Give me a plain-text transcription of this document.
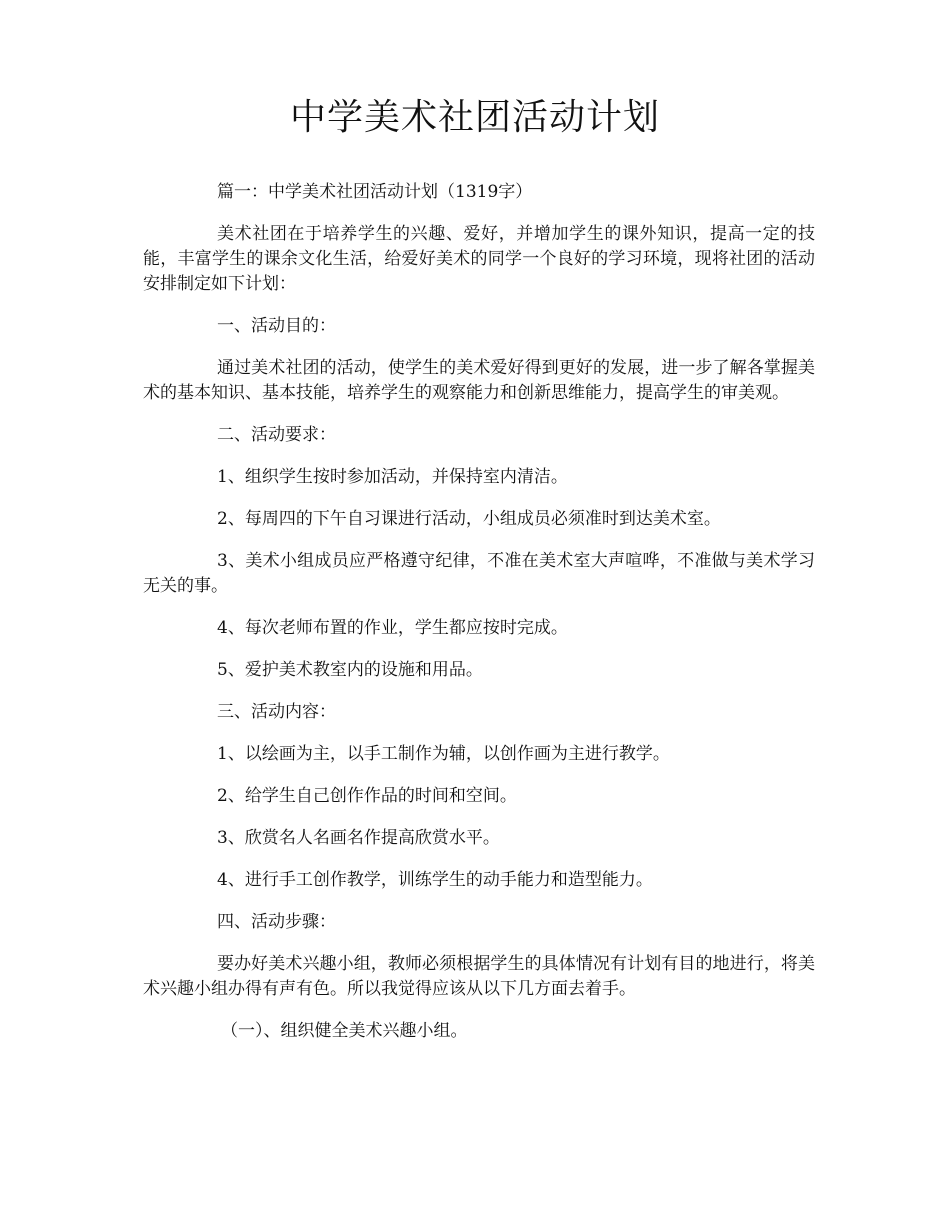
中学美术社团活动计划

篇一：中学美术社团活动计划（1319字）

美术社团在于培养学生的兴趣、爱好，并增加学生的课外知识，提高一定的技能，丰富学生的课余文化生活，给爱好美术的同学一个良好的学习环境，现将社团的活动安排制定如下计划：

一、活动目的：

通过美术社团的活动，使学生的美术爱好得到更好的发展，进一步了解各掌握美术的基本知识、基本技能，培养学生的观察能力和创新思维能力，提高学生的审美观。

二、活动要求：

1、组织学生按时参加活动，并保持室内清洁。

2、每周四的下午自习课进行活动，小组成员必须准时到达美术室。

3、美术小组成员应严格遵守纪律，不准在美术室大声喧哗，不准做与美术学习无关的事。

4、每次老师布置的作业，学生都应按时完成。

5、爱护美术教室内的设施和用品。

三、活动内容：

1、以绘画为主，以手工制作为辅，以创作画为主进行教学。

2、给学生自己创作作品的时间和空间。

3、欣赏名人名画名作提高欣赏水平。

4、进行手工创作教学，训练学生的动手能力和造型能力。

四、活动步骤：

要办好美术兴趣小组，教师必须根据学生的具体情况有计划有目的地进行，将美术兴趣小组办得有声有色。所以我觉得应该从以下几方面去着手。

（一）、组织健全美术兴趣小组。
